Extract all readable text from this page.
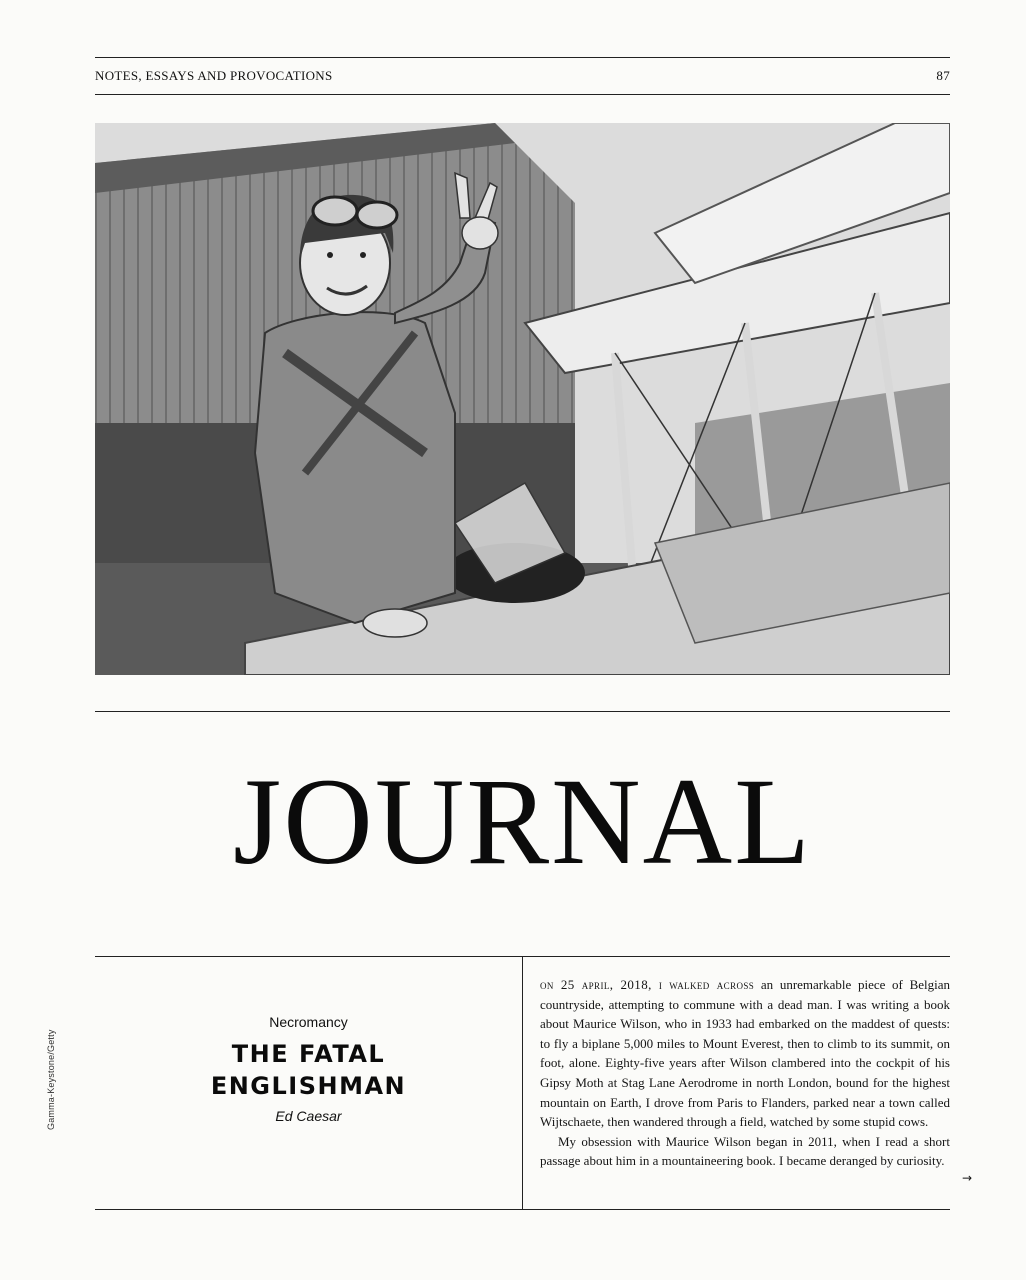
NOTES, ESSAYS AND PROVOCATIONS	87
JOURNAL
Gamma-Keystone/Getty
Necromancy
THE FATAL
ENGLISHMAN
Ed Caesar

on 25 april, 2018, i walked across an unremarkable piece of Belgian countryside, attempting to commune with a dead man. I was writing a book about Maurice Wilson, who in 1933 had embarked on the maddest of quests: to fly a biplane 5,000 miles to Mount Everest, then to climb to its summit, on foot, alone. Eighty-five years after Wilson clambered into the cockpit of his Gipsy Moth at Stag Lane Aerodrome in north London, bound for the highest mountain on Earth, I drove from Paris to Flanders, parked near a town called Wijtschaete, then wandered through a field, watched by some stupid cows.

My obsession with Maurice Wilson began in 2011, when I read a short passage about him in a mountaineering book. I became deranged by curiosity.

→
